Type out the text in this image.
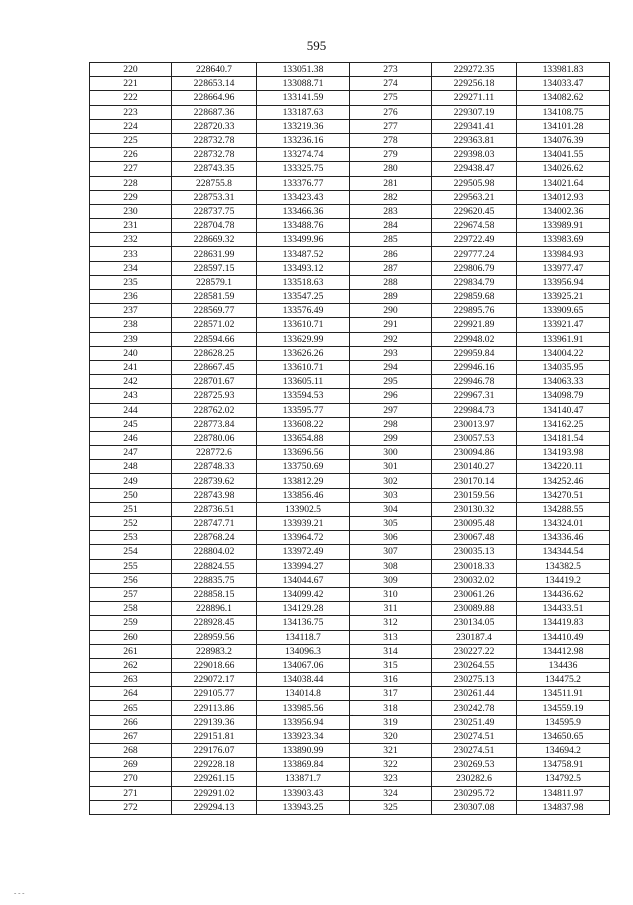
595
220	228640.7	133051.38	273	229272.35	133981.83
221	228653.14	133088.71	274	229256.18	134033.47
222	228664.96	133141.59	275	229271.11	134082.62
223	228687.36	133187.63	276	229307.19	134108.75
224	228720.33	133219.36	277	229341.41	134101.28
225	228732.78	133236.16	278	229363.81	134076.39
226	228732.78	133274.74	279	229398.03	134041.55
227	228743.35	133325.75	280	229438.47	134026.62
228	228755.8	133376.77	281	229505.98	134021.64
229	228753.31	133423.43	282	229563.21	134012.93
230	228737.75	133466.36	283	229620.45	134002.36
231	228704.78	133488.76	284	229674.58	133989.91
232	228669.32	133499.96	285	229722.49	133983.69
233	228631.99	133487.52	286	229777.24	133984.93
234	228597.15	133493.12	287	229806.79	133977.47
235	228579.1	133518.63	288	229834.79	133956.94
236	228581.59	133547.25	289	229859.68	133925.21
237	228569.77	133576.49	290	229895.76	133909.65
238	228571.02	133610.71	291	229921.89	133921.47
239	228594.66	133629.99	292	229948.02	133961.91
240	228628.25	133626.26	293	229959.84	134004.22
241	228667.45	133610.71	294	229946.16	134035.95
242	228701.67	133605.11	295	229946.78	134063.33
243	228725.93	133594.53	296	229967.31	134098.79
244	228762.02	133595.77	297	229984.73	134140.47
245	228773.84	133608.22	298	230013.97	134162.25
246	228780.06	133654.88	299	230057.53	134181.54
247	228772.6	133696.56	300	230094.86	134193.98
248	228748.33	133750.69	301	230140.27	134220.11
249	228739.62	133812.29	302	230170.14	134252.46
250	228743.98	133856.46	303	230159.56	134270.51
251	228736.51	133902.5	304	230130.32	134288.55
252	228747.71	133939.21	305	230095.48	134324.01
253	228768.24	133964.72	306	230067.48	134336.46
254	228804.02	133972.49	307	230035.13	134344.54
255	228824.55	133994.27	308	230018.33	134382.5
256	228835.75	134044.67	309	230032.02	134419.2
257	228858.15	134099.42	310	230061.26	134436.62
258	228896.1	134129.28	311	230089.88	134433.51
259	228928.45	134136.75	312	230134.05	134419.83
260	228959.56	134118.7	313	230187.4	134410.49
261	228983.2	134096.3	314	230227.22	134412.98
262	229018.66	134067.06	315	230264.55	134436
263	229072.17	134038.44	316	230275.13	134475.2
264	229105.77	134014.8	317	230261.44	134511.91
265	229113.86	133985.56	318	230242.78	134559.19
266	229139.36	133956.94	319	230251.49	134595.9
267	229151.81	133923.34	320	230274.51	134650.65
268	229176.07	133890.99	321	230274.51	134694.2
269	229228.18	133869.84	322	230269.53	134758.91
270	229261.15	133871.7	323	230282.6	134792.5
271	229291.02	133903.43	324	230295.72	134811.97
272	229294.13	133943.25	325	230307.08	134837.98
.
- - -
